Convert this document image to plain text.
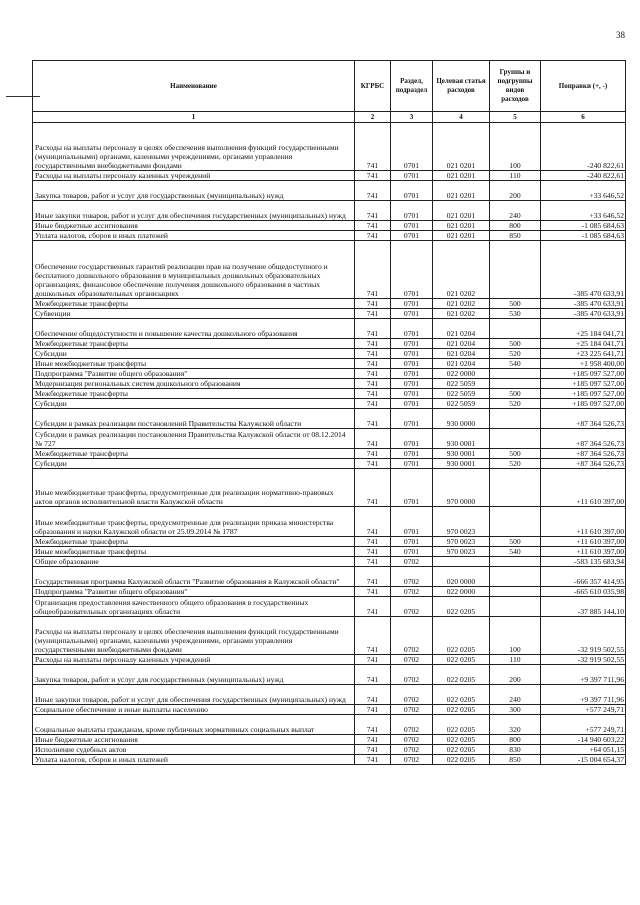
38
Наименование	КГРБС	Раздел, подраздел	Целевая статья расходов	Группы и подгруппы видов расходов	Поправки (+, -)
1	2	3	4	5	6
Расходы на выплаты персоналу в целях обеспечения выполнения функций государственными (муниципальными) органами, казенными учреждениями, органами управления государственными внебюджетными фондами	741	0701	021 0201	100	-240 822,61
Расходы на выплаты персоналу казенных учреждений	741	0701	021 0201	110	-240 822,61
Закупка товаров, работ и услуг для государственных (муниципальных) нужд	741	0701	021 0201	200	+33 646,52
Иные закупки товаров, работ и услуг для обеспечения государственных (муниципальных) нужд	741	0701	021 0201	240	+33 646,52
Иные бюджетные ассигнования	741	0701	021 0201	800	-1 085 684,63
Уплата налогов, сборов и иных платежей	741	0701	021 0201	850	-1 085 684,63
Обеспечение государственных гарантий реализации прав на получение общедоступного и бесплатного дошкольного образования в муниципальных дошкольных образовательных организациях, финансовое обеспечение получения дошкольного образования в частных дошкольных образовательных организациях	741	0701	021 0202		-385 470 633,91
Межбюджетные трансферты	741	0701	021 0202	500	-385 470 633,91
Субвенции	741	0701	021 0202	530	-385 470 633,91
Обеспечение общедоступности и повышение качества дошкольного образования	741	0701	021 0204		+25 184 041,71
Межбюджетные трансферты	741	0701	021 0204	500	+25 184 041,71
Субсидии	741	0701	021 0204	520	+23 225 641,71
Иные межбюджетные трансферты	741	0701	021 0204	540	+1 958 400,00
Подпрограмма "Развитие общего образования"	741	0701	022 0000		+185 097 527,00
Модернизация региональных систем дошкольного образования	741	0701	022 5059		+185 097 527,00
Межбюджетные трансферты	741	0701	022 5059	500	+185 097 527,00
Субсидии	741	0701	022 5059	520	+185 097 527,00
Субсидии в рамках реализации постановлений Правительства Калужской области	741	0701	930 0000		+87 364 526,73
Субсидии в рамках реализации постановления Правительства Калужской области от 08.12.2014 № 727	741	0701	930 0001		+87 364 526,73
Межбюджетные трансферты	741	0701	930 0001	500	+87 364 526,73
Субсидии	741	0701	930 0001	520	+87 364 526,73
Иные межбюджетные трансферты, предусмотренные для реализации нормативно-правовых актов органов исполнительной власти Калужской области	741	0701	970 0000		+11 610 397,00
Иные межбюджетные трансферты, предусмотренные для реализации приказа министерства образования и науки Калужской области от 25.09.2014 № 1787	741	0701	970 0023		+11 610 397,00
Межбюджетные трансферты	741	0701	970 0023	500	+11 610 397,00
Иные межбюджетные трансферты	741	0701	970 0023	540	+11 610 397,00
Общее образование	741	0702			-583 135 683,94
Государственная программа Калужской области "Развитие образования в Калужской области"	741	0702	020 0000		-666 357 414,95
Подпрограмма "Развитие общего образования"	741	0702	022 0000		-665 610 035,98
Организация предоставления качественного общего образования в государственных общеобразовательных организациях области	741	0702	022 0205		-37 885 144,10
Расходы на выплаты персоналу в целях обеспечения выполнения функций государственными (муниципальными) органами, казенными учреждениями, органами управления государственными внебюджетными фондами	741	0702	022 0205	100	-32 919 502,55
Расходы на выплаты персоналу казенных учреждений	741	0702	022 0205	110	-32 919 502,55
Закупка товаров, работ и услуг для государственных (муниципальных) нужд	741	0702	022 0205	200	+9 397 711,96
Иные закупки товаров, работ и услуг для обеспечения государственных (муниципальных) нужд	741	0702	022 0205	240	+9 397 711,96
Социальное обеспечение и иные выплаты населению	741	0702	022 0205	300	+577 249,71
Социальные выплаты гражданам, кроме публичных нормативных социальных выплат	741	0702	022 0205	320	+577 249,71
Иные бюджетные ассигнования	741	0702	022 0205	800	-14 940 603,22
Исполнение судебных актов	741	0702	022 0205	830	+64 051,15
Уплата налогов, сборов и иных платежей	741	0702	022 0205	850	-15 004 654,37
